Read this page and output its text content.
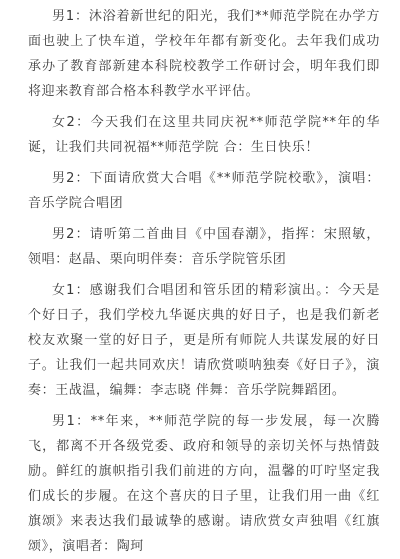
男1：沐浴着新世纪的阳光，我们**师范学院在办学方面也驶上了快车道，学校年年都有新变化。去年我们成功承办了教育部新建本科院校教学工作研讨会，明年我们即将迎来教育部合格本科教学水平评估。

女2：今天我们在这里共同庆祝**师范学院**年的华诞，让我们共同祝福**师范学院 合：生日快乐！

男2：下面请欣赏大合唱《**师范学院校歌》，演唱：音乐学院合唱团

男2：请听第二首曲目《中国春潮》，指挥：宋照敏，领唱：赵晶、栗向明伴奏：音乐学院管乐团

女1：感谢我们合唱团和管乐团的精彩演出。：今天是个好日子，我们学校九华诞庆典的好日子，也是我们新老校友欢聚一堂的好日子，更是所有师院人共谋发展的好日子。让我们一起共同欢庆！请欣赏唢呐独奏《好日子》，演奏：王战温，编舞：李志晓 伴舞：音乐学院舞蹈团。

男1：**年来，**师范学院的每一步发展，每一次腾飞，都离不开各级党委、政府和领导的亲切关怀与热情鼓励。鲜红的旗帜指引我们前进的方向，温馨的叮咛坚定我们成长的步履。在这个喜庆的日子里，让我们用一曲《红旗颂》来表达我们最诚挚的感谢。请欣赏女声独唱《红旗颂》，演唱者：陶珂
